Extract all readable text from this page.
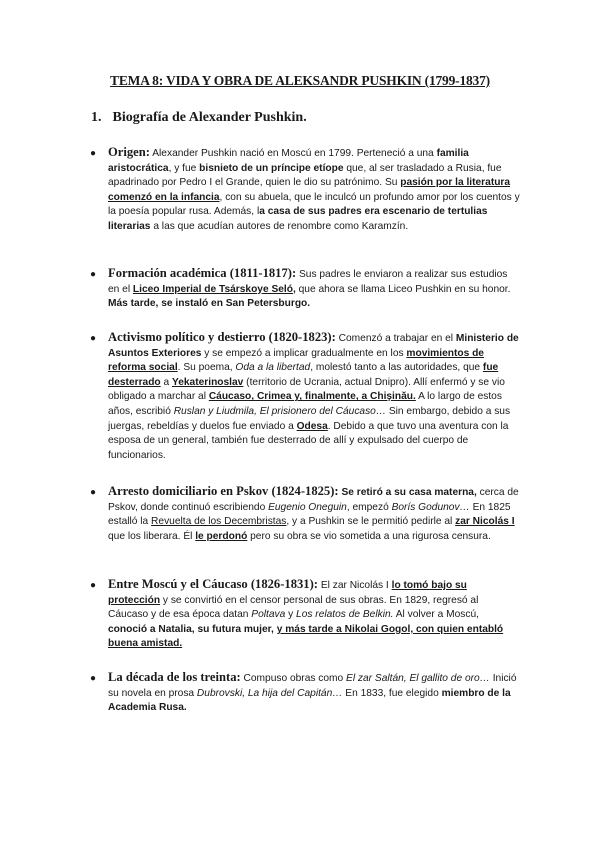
TEMA 8: VIDA Y OBRA DE ALEKSANDR PUSHKIN (1799-1837)
1. Biografía de Alexander Pushkin.
● Origen: Alexander Pushkin nació en Moscú en 1799. Perteneció a una familia aristocrática, y fue bisnieto de un príncipe etíope que, al ser trasladado a Rusia, fue apadrinado por Pedro I el Grande, quien le dio su patrónimo. Su pasión por la literatura comenzó en la infancia, con su abuela, que le inculcó un profundo amor por los cuentos y la poesía popular rusa. Además, la casa de sus padres era escenario de tertulias literarias a las que acudían autores de renombre como Karamzín.
● Formación académica (1811-1817): Sus padres le enviaron a realizar sus estudios en el Liceo Imperial de Tsárskoye Seló, que ahora se llama Liceo Pushkin en su honor. Más tarde, se instaló en San Petersburgo.
● Activismo político y destierro (1820-1823): Comenzó a trabajar en el Ministerio de Asuntos Exteriores y se empezó a implicar gradualmente en los movimientos de reforma social. Su poema, Oda a la libertad, molestó tanto a las autoridades, que fue desterrado a Yekaterinoslav (territorio de Ucrania, actual Dnipro). Allí enfermó y se vio obligado a marchar al Cáucaso, Crimea y, finalmente, a Chişinău. A lo largo de estos años, escribió Ruslan y Liudmila, El prisionero del Cáucaso… Sin embargo, debido a sus juergas, rebeldías y duelos fue enviado a Odesa. Debido a que tuvo una aventura con la esposa de un general, también fue desterrado de allí y expulsado del cuerpo de funcionarios.
● Arresto domiciliario en Pskov (1824-1825): Se retiró a su casa materna, cerca de Pskov, donde continuó escribiendo Eugenio Oneguin, empezó Borís Godunov… En 1825 estalló la Revuelta de los Decembristas, y a Pushkin se le permitió pedirle al zar Nicolás I que los liberara. Él le perdonó pero su obra se vio sometida a una rigurosa censura.
● Entre Moscú y el Cáucaso (1826-1831): El zar Nicolás I lo tomó bajo su protección y se convirtió en el censor personal de sus obras. En 1829, regresó al Cáucaso y de esa época datan Poltava y Los relatos de Belkin. Al volver a Moscú, conoció a Natalia, su futura mujer, y más tarde a Nikolai Gogol, con quien entabló buena amistad.
● La década de los treinta: Compuso obras como El zar Saltán, El gallito de oro… Inició su novela en prosa Dubrovski, La hija del Capitán… En 1833, fue elegido miembro de la Academia Rusa.
